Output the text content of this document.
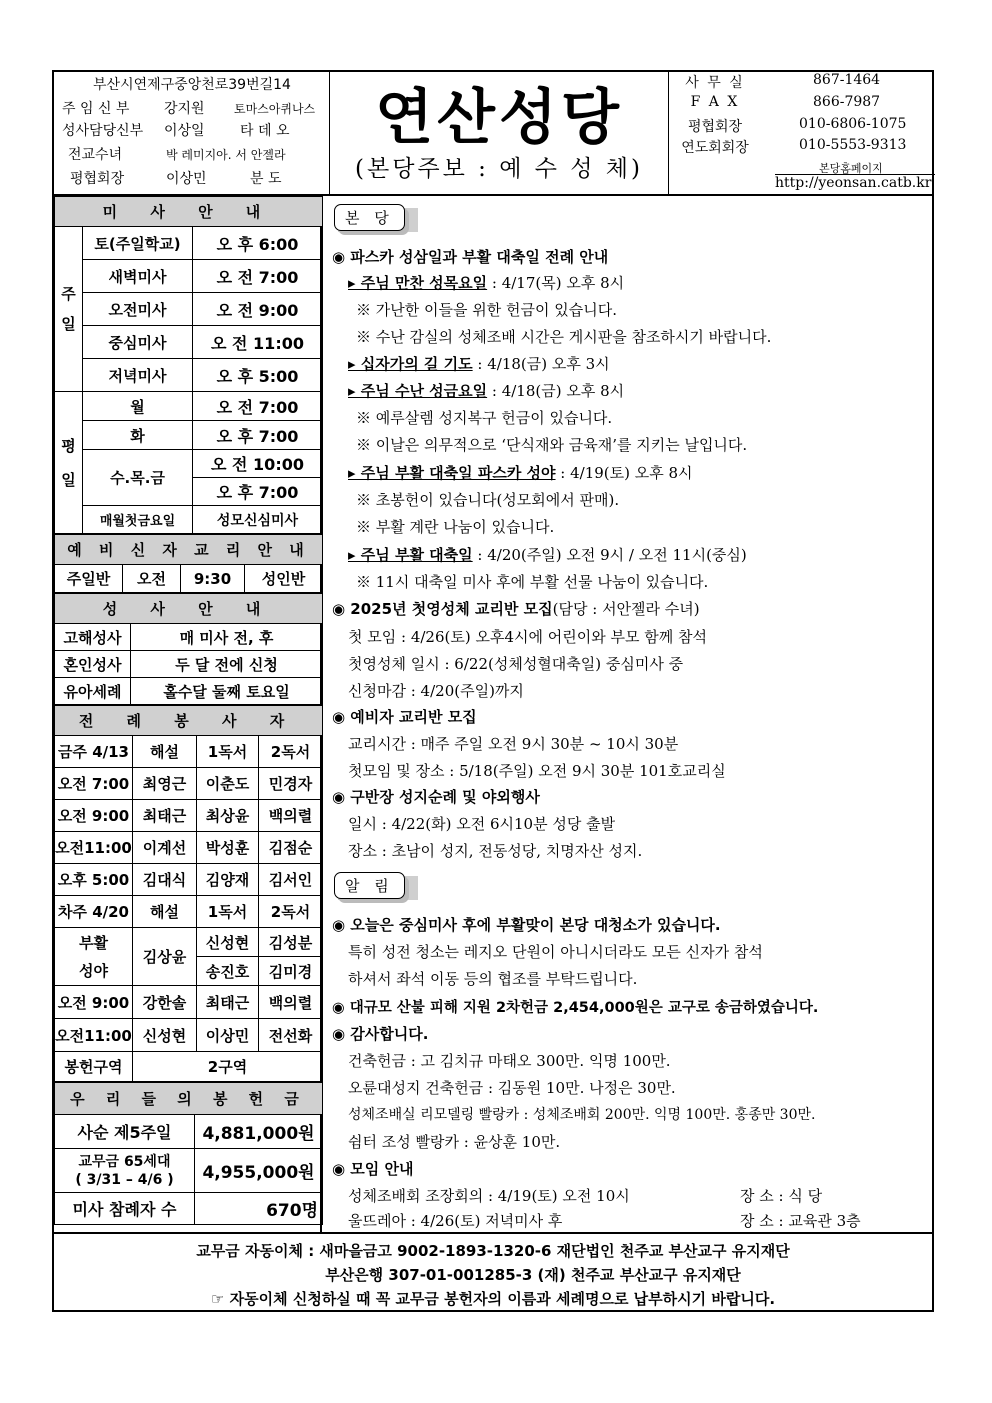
부산시연제구중앙천로39번길14
주 임 신 부 강지원 토마스아퀴나스
성사담당신부 이상일	타 데 오
전교수녀	박 레미지아. 서 안젤라
평협회장	이상민	분 도
연산성당
(본당주보 : 예 수 성 체)
사 무 실	867-1464
F A X	866-7987
평협회장	010-6806-1075
연도회회장	010-5553-9313
본당홈페이지
http://yeonsan.catb.kr
미 사 안 내		
주 일	토(주일학교)	오 후 6:00
	새벽미사	오 전 7:00
	오전미사	오 전 9:00
	중심미사	오 전 11:00
	저녁미사	오 후 5:00
평 일	월	오 전 7:00
	화	오 후 7:00
	수.목.금	오 전 10:00
		오 후 7:00
	매월첫금요일	성모신심미사
예 비 신 자 교 리 안 내
주일반	오전	9:30	성인반
성 사 안 내	
고해성사	매 미사 전, 후
혼인성사	두 달 전에 신청
유아세례	홀수달 둘째 토요일
전 례 봉 사 자			
금주 4/13	해설	1독서	2독서
오전 7:00	최영근	이춘도	민경자
오전 9:00	최태근	최상윤	백의렬
오전11:00	이계선	박성훈	김점순
오후 5:00	김대식	김양재	김서인
차주 4/20	해설	1독서	2독서

부활
성야	김상윤	신성현	김성분
		송진호	김미경
오전 9:00	강한솔	최태근	백의렬
오전11:00	신성현	이상민	전선화
봉헌구역	2구역		
우 리 들 의 봉 헌 금	
사순 제5주일	4,881,000원

교무금 65세대
( 3/31 – 4/6 )	4,955,000원
미사 참례자 수	670명
본 당
◉ 파스카 성삼일과 부활 대축일 전례 안내
▸ 주님 만찬 성목요일 : 4/17(목) 오후 8시
※ 가난한 이들을 위한 헌금이 있습니다.
※ 수난 감실의 성체조배 시간은 게시판을 참조하시기 바랍니다.
▸ 십자가의 길 기도 : 4/18(금) 오후 3시
▸ 주님 수난 성금요일 : 4/18(금) 오후 8시
※ 예루살렘 성지복구 헌금이 있습니다.
※ 이날은 의무적으로 ‘단식재와 금육재’를 지키는 날입니다.
▸ 주님 부활 대축일 파스카 성야 : 4/19(토) 오후 8시
※ 초봉헌이 있습니다(성모회에서 판매).
※ 부활 계란 나눔이 있습니다.
▸ 주님 부활 대축일 : 4/20(주일) 오전 9시 / 오전 11시(중심)
※ 11시 대축일 미사 후에 부활 선물 나눔이 있습니다.
◉ 2025년 첫영성체 교리반 모집(담당 : 서안젤라 수녀)
첫 모임 : 4/26(토) 오후4시에 어린이와 부모 함께 참석
첫영성체 일시 : 6/22(성체성혈대축일) 중심미사 중
신청마감 : 4/20(주일)까지
◉ 예비자 교리반 모집
교리시간 : 매주 주일 오전 9시 30분 ~ 10시 30분
첫모임 및 장소 : 5/18(주일) 오전 9시 30분 101호교리실
◉ 구반장 성지순례 및 야외행사
일시 : 4/22(화) 오전 6시10분 성당 출발
장소 : 초남이 성지, 전동성당, 치명자산 성지.
알 림
◉ 오늘은 중심미사 후에 부활맞이 본당 대청소가 있습니다.
특히 성전 청소는 레지오 단원이 아니시더라도 모든 신자가 참석
하셔서 좌석 이동 등의 협조를 부탁드립니다.
◉ 대규모 산불 피해 지원 2차헌금 2,454,000원은 교구로 송금하였습니다.
◉ 감사합니다.
건축헌금 : 고 김치규 마태오 300만. 익명 100만.
오륜대성지 건축헌금 : 김동원 10만. 나정은 30만.
성체조배실 리모델링 빨랑카 : 성체조배회 200만. 익명 100만. 홍종만 30만.
쉼터 조성 빨랑카 : 윤상훈 10만.
◉ 모임 안내
성체조배회 조장회의 : 4/19(토) 오전 10시	장 소 : 식 당
울뜨레아 : 4/26(토) 저녁미사 후	장 소 : 교육관 3층
교무금 자동이체 : 새마을금고 9002-1893-1320-6 재단법인 천주교 부산교구 유지재단
부산은행 307-01-001285-3 (재) 천주교 부산교구 유지재단
☞ 자동이체 신청하실 때 꼭 교무금 봉헌자의 이름과 세례명으로 납부하시기 바랍니다.
